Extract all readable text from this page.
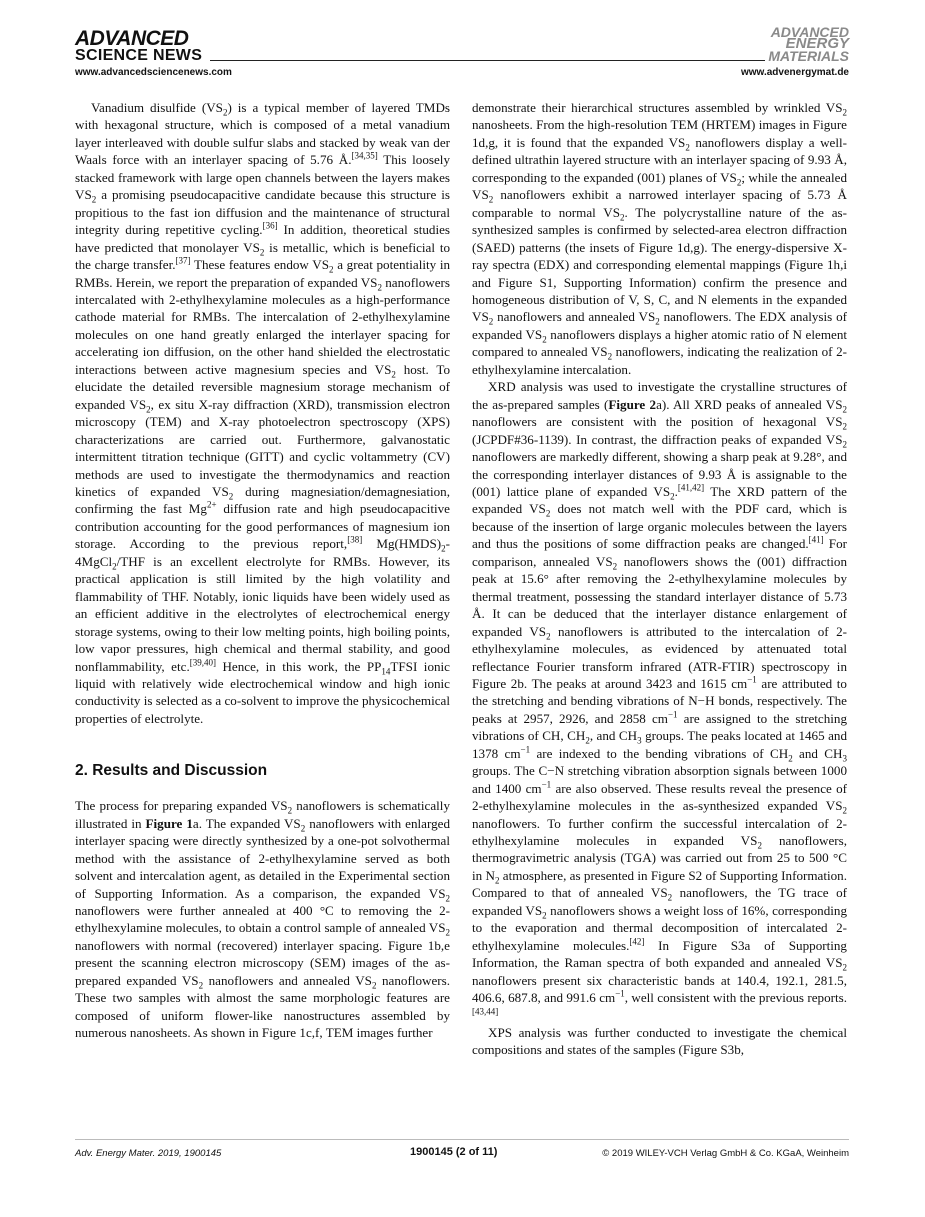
ADVANCED
SCIENCE NEWS
ADVANCED
ENERGY
MATERIALS
www.advancedsciencenews.com	www.advenergymat.de

Vanadium disulfide $(VS_2)$ is a typical member of layered TMDs with hexagonal structure, which is composed of a metal vanadium layer interleaved with double sulfur slabs and stacked by weak van der Waals force with an interlayer spacing of 5.76 Å.[34,35] This loosely stacked framework with large open channels between the layers makes $VS_2$ a promising pseudocapacitive candidate because this structure is propitious to the fast ion diffusion and the maintenance of structural integrity during repetitive cycling.[36] In addition, theoretical studies have predicted that monolayer $VS_2$ is metallic, which is beneficial to the charge transfer.[37] These features endow $VS_2$ a great potentiality in RMBs. Herein, we report the preparation of expanded $VS_2$ nanoflowers intercalated with 2-ethylhexylamine molecules as a high-performance cathode material for RMBs. The intercalation of 2-ethylhexylamine molecules on one hand greatly enlarged the interlayer spacing for accelerating ion diffusion, on the other hand shielded the electrostatic interactions between active magnesium species and $VS_2$ host. To elucidate the detailed reversible magnesium storage mechanism of expanded $VS_2$, ex situ X-ray diffraction (XRD), transmission electron microscopy (TEM) and X-ray photoelectron spectroscopy (XPS) characterizations are carried out. Furthermore, galvanostatic intermittent titration technique (GITT) and cyclic voltammetry (CV) methods are used to investigate the thermodynamics and reaction kinetics of expanded $VS_2$ during magnesiation/demagnesiation, confirming the fast $Mg^{2+}$ diffusion rate and high pseudocapacitive contribution accounting for the good performances of magnesium ion storage. According to the previous report,[38] $Mg(HMDS)_2-4MgCl_2$/THF is an excellent electrolyte for RMBs. However, its practical application is still limited by the high volatility and flammability of THF. Notably, ionic liquids have been widely used as an efficient additive in the electrolytes of electrochemical energy storage systems, owing to their low melting points, high boiling points, low vapor pressures, high chemical and thermal stability, and good nonflammability, etc.[39,40] Hence, in this work, the $PP_{14}TFSI$ ionic liquid with relatively wide electrochemical window and high ionic conductivity is selected as a co-solvent to improve the physicochemical properties of electrolyte.

2. Results and Discussion

The process for preparing expanded $VS_2$ nanoflowers is schematically illustrated in Figure 1a. The expanded $VS_2$ nanoflowers with enlarged interlayer spacing were directly synthesized by a one-pot solvothermal method with the assistance of 2-ethylhexylamine served as both solvent and intercalation agent, as detailed in the Experimental section of Supporting Information. As a comparison, the expanded $VS_2$ nanoflowers were further annealed at 400 °C to removing the 2-ethylhexylamine molecules, to obtain a control sample of annealed $VS_2$ nanoflowers with normal (recovered) interlayer spacing. Figure 1b,e present the scanning electron microscopy (SEM) images of the as-prepared expanded $VS_2$ nanoflowers and annealed $VS_2$ nanoflowers. These two samples with almost the same morphologic features are composed of uniform flower-like nanostructures assembled by numerous nanosheets. As shown in Figure 1c,f, TEM images further

demonstrate their hierarchical structures assembled by wrinkled $VS_2$ nanosheets. From the high-resolution TEM (HRTEM) images in Figure 1d,g, it is found that the expanded $VS_2$ nanoflowers display a well-defined ultrathin layered structure with an interlayer spacing of 9.93 Å, corresponding to the expanded (001) planes of $VS_2$; while the annealed $VS_2$ nanoflowers exhibit a narrowed interlayer spacing of 5.73 Å comparable to normal $VS_2$. The polycrystalline nature of the as-synthesized samples is confirmed by selected-area electron diffraction (SAED) patterns (the insets of Figure 1d,g). The energy-dispersive X-ray spectra (EDX) and corresponding elemental mappings (Figure 1h,i and Figure S1, Supporting Information) confirm the presence and homogeneous distribution of V, S, C, and N elements in the expanded $VS_2$ nanoflowers and annealed $VS_2$ nanoflowers. The EDX analysis of expanded $VS_2$ nanoflowers displays a higher atomic ratio of N element compared to annealed $VS_2$ nanoflowers, indicating the realization of 2-ethylhexylamine intercalation.

XRD analysis was used to investigate the crystalline structures of the as-prepared samples (Figure 2a). All XRD peaks of annealed $VS_2$ nanoflowers are consistent with the position of hexagonal $VS_2$ (JCPDF#36-1139). In contrast, the diffraction peaks of expanded $VS_2$ nanoflowers are markedly different, showing a sharp peak at 9.28°, and the corresponding interlayer distances of 9.93 Å is assignable to the (001) lattice plane of expanded $VS_2.[41,42]$ The XRD pattern of the expanded $VS_2$ does not match well with the PDF card, which is because of the insertion of large organic molecules between the layers and thus the positions of some diffraction peaks are changed.[41] For comparison, annealed $VS_2$ nanoflowers shows the (001) diffraction peak at 15.6° after removing the 2-ethylhexylamine molecules by thermal treatment, possessing the standard interlayer distance of 5.73 Å. It can be deduced that the interlayer distance enlargement of expanded $VS_2$ nanoflowers is attributed to the intercalation of 2-ethylhexylamine molecules, as evidenced by attenuated total reflectance Fourier transform infrared (ATR-FTIR) spectroscopy in Figure 2b. The peaks at around 3423 and 1615 $cm^{-1}$ are attributed to the stretching and bending vibrations of N−H bonds, respectively. The peaks at 2957, 2926, and 2858 $cm^{-1}$ are assigned to the stretching vibrations of CH, $CH_2$, and $CH_3$ groups. The peaks located at 1465 and 1378 $cm^{-1}$ are indexed to the bending vibrations of $CH_2$ and $CH_3$ groups. The C−N stretching vibration absorption signals between 1000 and 1400 $cm^{-1}$ are also observed. These results reveal the presence of 2-ethylhexylamine molecules in the as-synthesized expanded $VS_2$ nanoflowers. To further confirm the successful intercalation of 2-ethylhexylamine molecules in expanded $VS_2$ nanoflowers, thermogravimetric analysis (TGA) was carried out from 25 to 500 °C in $N_2$ atmosphere, as presented in Figure S2 of Supporting Information. Compared to that of annealed $VS_2$ nanoflowers, the TG trace of expanded $VS_2$ nanoflowers shows a weight loss of 16%, corresponding to the evaporation and thermal decomposition of intercalated 2-ethylhexylamine molecules.[42] In Figure S3a of Supporting Information, the Raman spectra of both expanded and annealed $VS_2$ nanoflowers present six characteristic bands at 140.4, 192.1, 281.5, 406.6, 687.8, and 991.6 $cm^{-1}$, well consistent with the previous reports.[43,44]

XPS analysis was further conducted to investigate the chemical compositions and states of the samples (Figure S3b,

Adv. Energy Mater. 2019, 1900145	1900145 (2 of 11)	© 2019 WILEY-VCH Verlag GmbH & Co. KGaA, Weinheim
